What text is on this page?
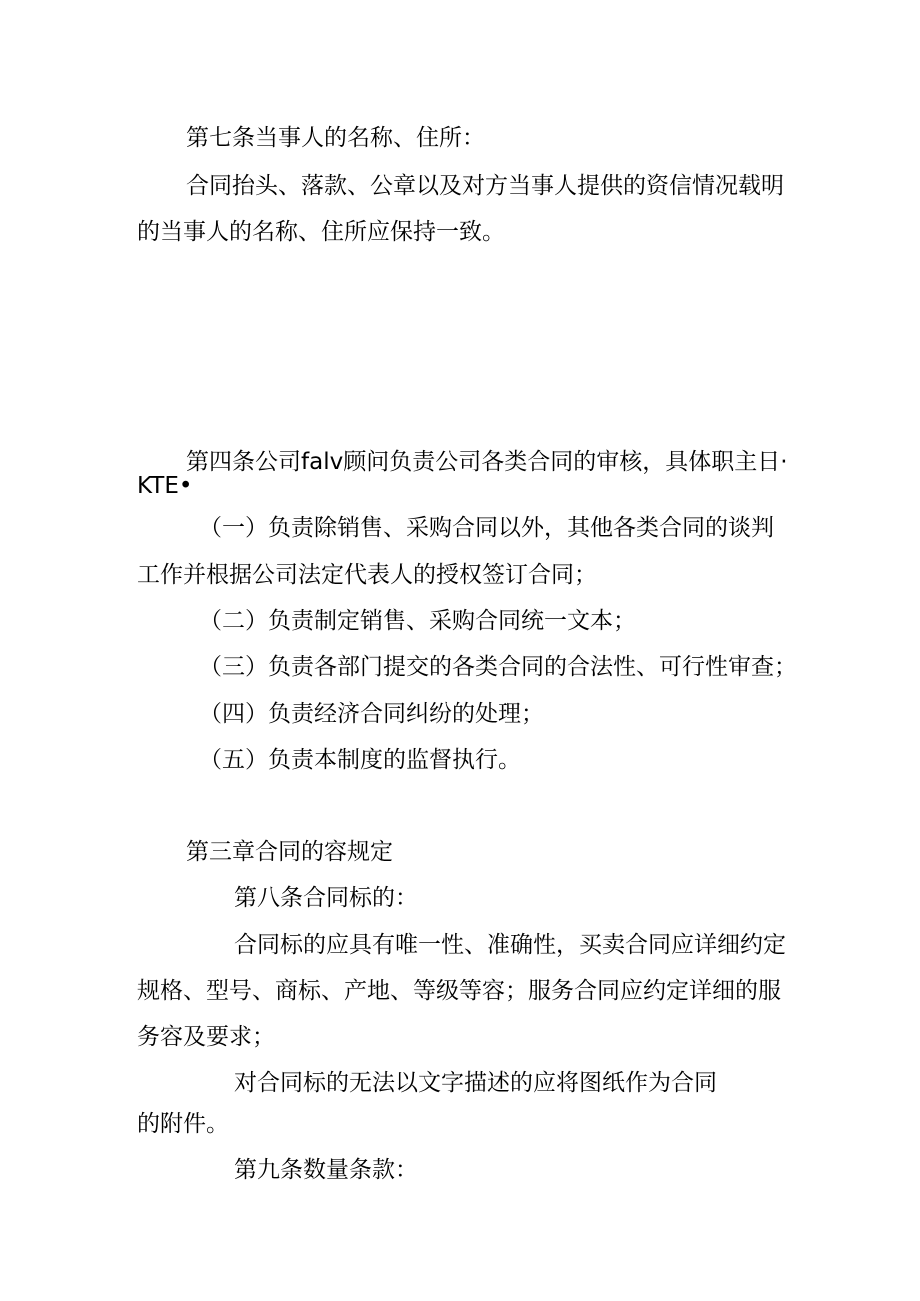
第七条当事人的名称、住所：

合同抬头、落款、公章以及对方当事人提供的资信情况载明

的当事人的名称、住所应保持一致。

第四条公司falv顾问负责公司各类合同的审核，具体职主日·

KTE•

（一）负责除销售、采购合同以外，其他各类合同的谈判

工作并根据公司法定代表人的授权签订合同；

（二）负责制定销售、采购合同统一文本；

（三）负责各部门提交的各类合同的合法性、可行性审查；

（四）负责经济合同纠纷的处理；

（五）负责本制度的监督执行。

第三章合同的容规定

第八条合同标的：

合同标的应具有唯一性、准确性，买卖合同应详细约定

规格、型号、商标、产地、等级等容；服务合同应约定详细的服

务容及要求；

对合同标的无法以文字描述的应将图纸作为合同

的附件。

第九条数量条款：
